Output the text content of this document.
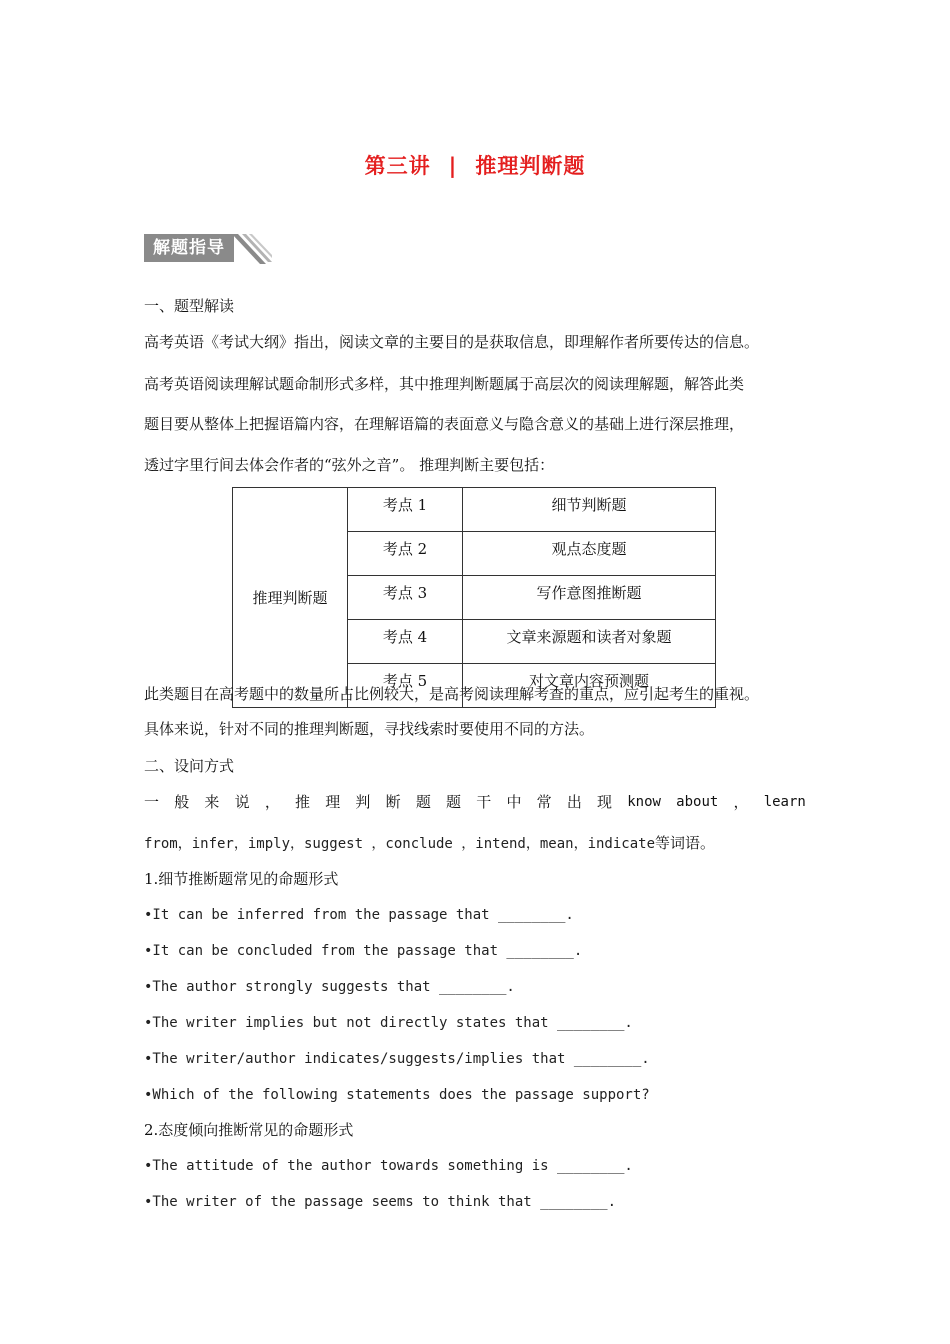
第三讲 | 推理判断题
解题指导
一、题型解读
高考英语《考试大纲》指出，阅读文章的主要目的是获取信息，即理解作者所要传达的信息。
高考英语阅读理解试题命制形式多样，其中推理判断题属于高层次的阅读理解题，解答此类
题目要从整体上把握语篇内容，在理解语篇的表面意义与隐含意义的基础上进行深层推理，
透过字里行间去体会作者的“弦外之音”。 推理判断主要包括：
推理判断题	考点 1	细节判断题
	考点 2	观点态度题
	考点 3	写作意图推断题
	考点 4	文章来源题和读者对象题
	考点 5	对文章内容预测题
此类题目在高考题中的数量所占比例较大，是高考阅读理解考查的重点，应引起考生的重视。
具体来说，针对不同的推理判断题，寻找线索时要使用不同的方法。
二、设问方式
一 般 来 说 ， 推 理 判 断 题 题 干 中 常 出 现 know about ， learn
from，infer，imply，suggest ，conclude ，intend，mean，indicate等词语。
1.细节推断题常见的命题形式
•It can be inferred from the passage that ________.
•It can be concluded from the passage that ________.
•The author strongly suggests that ________.
•The writer implies but not directly states that ________.
•The writer/author indicates/suggests/implies that ________.
•Which of the following statements does the passage support?
2.态度倾向推断常见的命题形式
•The attitude of the author towards something is ________.
•The writer of the passage seems to think that ________.
